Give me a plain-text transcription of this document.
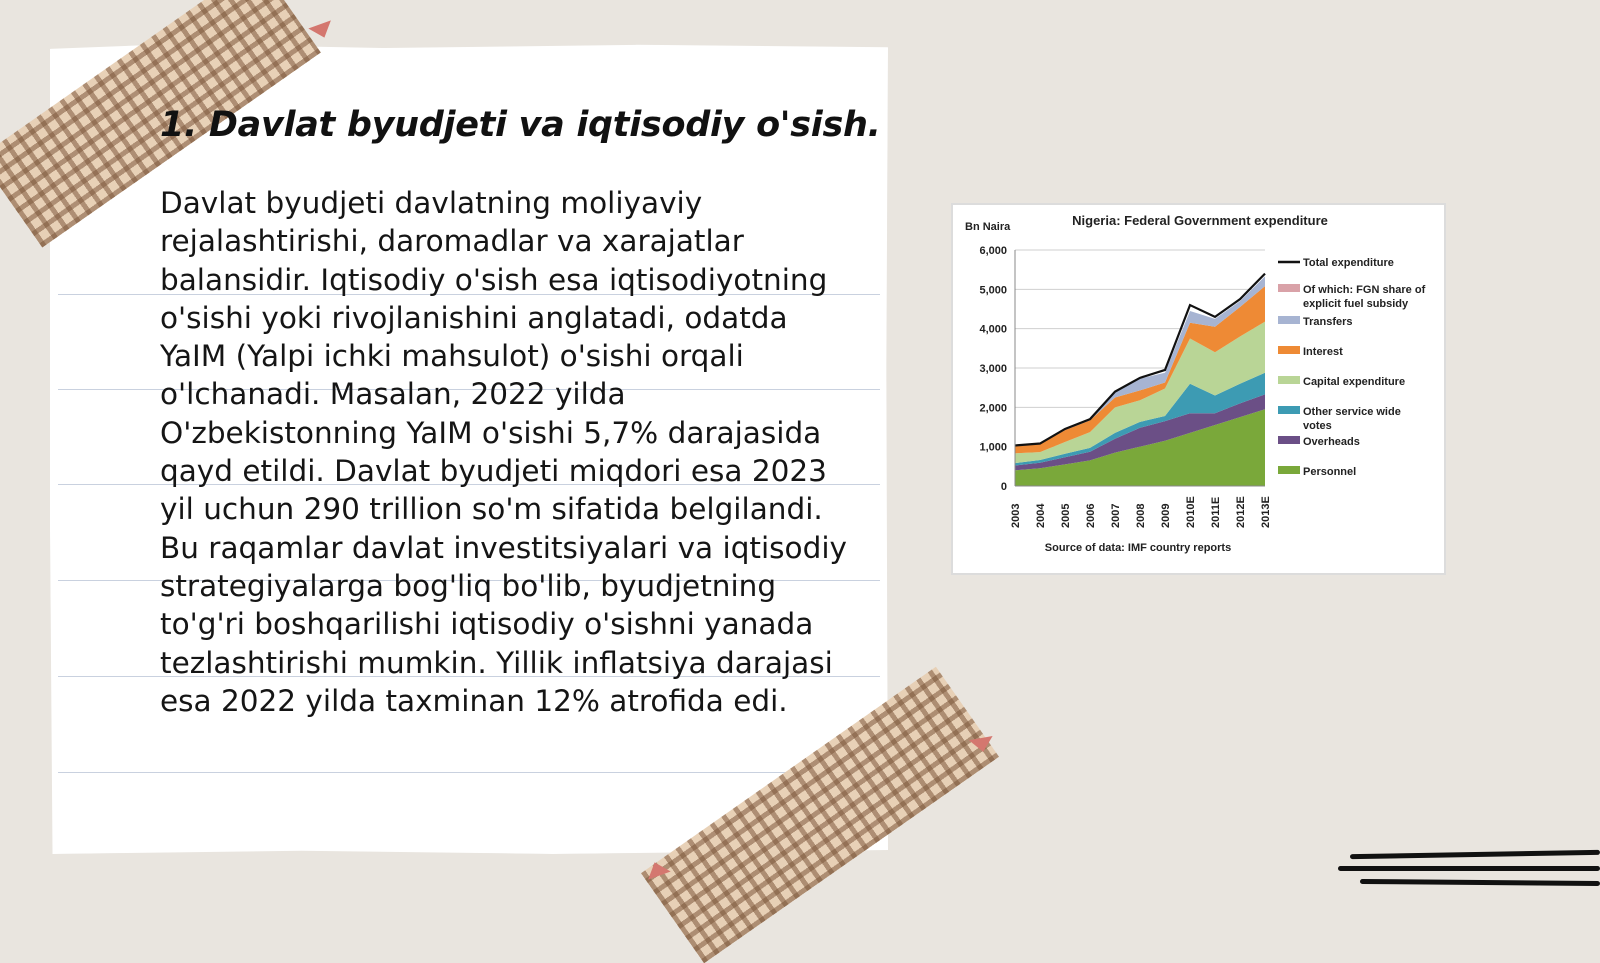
1. Davlat byudjeti va iqtisodiy o'sish.

Davlat byudjeti davlatning moliyaviy rejalashtirishi, daromadlar va xarajatlar balansidir. Iqtisodiy o'sish esa iqtisodiyotning o'sishi yoki rivojlanishini anglatadi, odatda YaIM (Yalpi ichki mahsulot) o'sishi orqali o'lchanadi. Masalan, 2022 yilda O'zbekistonning YaIM o'sishi 5,7% darajasida qayd etildi. Davlat byudjeti miqdori esa 2023 yil uchun 290 trillion so'm sifatida belgilandi. Bu raqamlar davlat investitsiyalari va iqtisodiy strategiyalarga bog'liq bo'lib, byudjetning to'g'ri boshqarilishi iqtisodiy o'sishni yanada tezlashtirishi mumkin. Yillik inflatsiya darajasi esa 2022 yilda taxminan 12% atrofida edi.

Nigeria: Federal Government expenditure
Bn Naira
Source of data: IMF country reports
0
1,000
2,000
3,000
4,000
5,000
6,000
2003 2004 2005 2006 2007 2008 2009 2010E 2011E 2012E 2013E
Total expenditure
Of which: FGN share of explicit fuel subsidy
Transfers
Interest
Capital expenditure
Other service wide votes
Overheads
Personnel
